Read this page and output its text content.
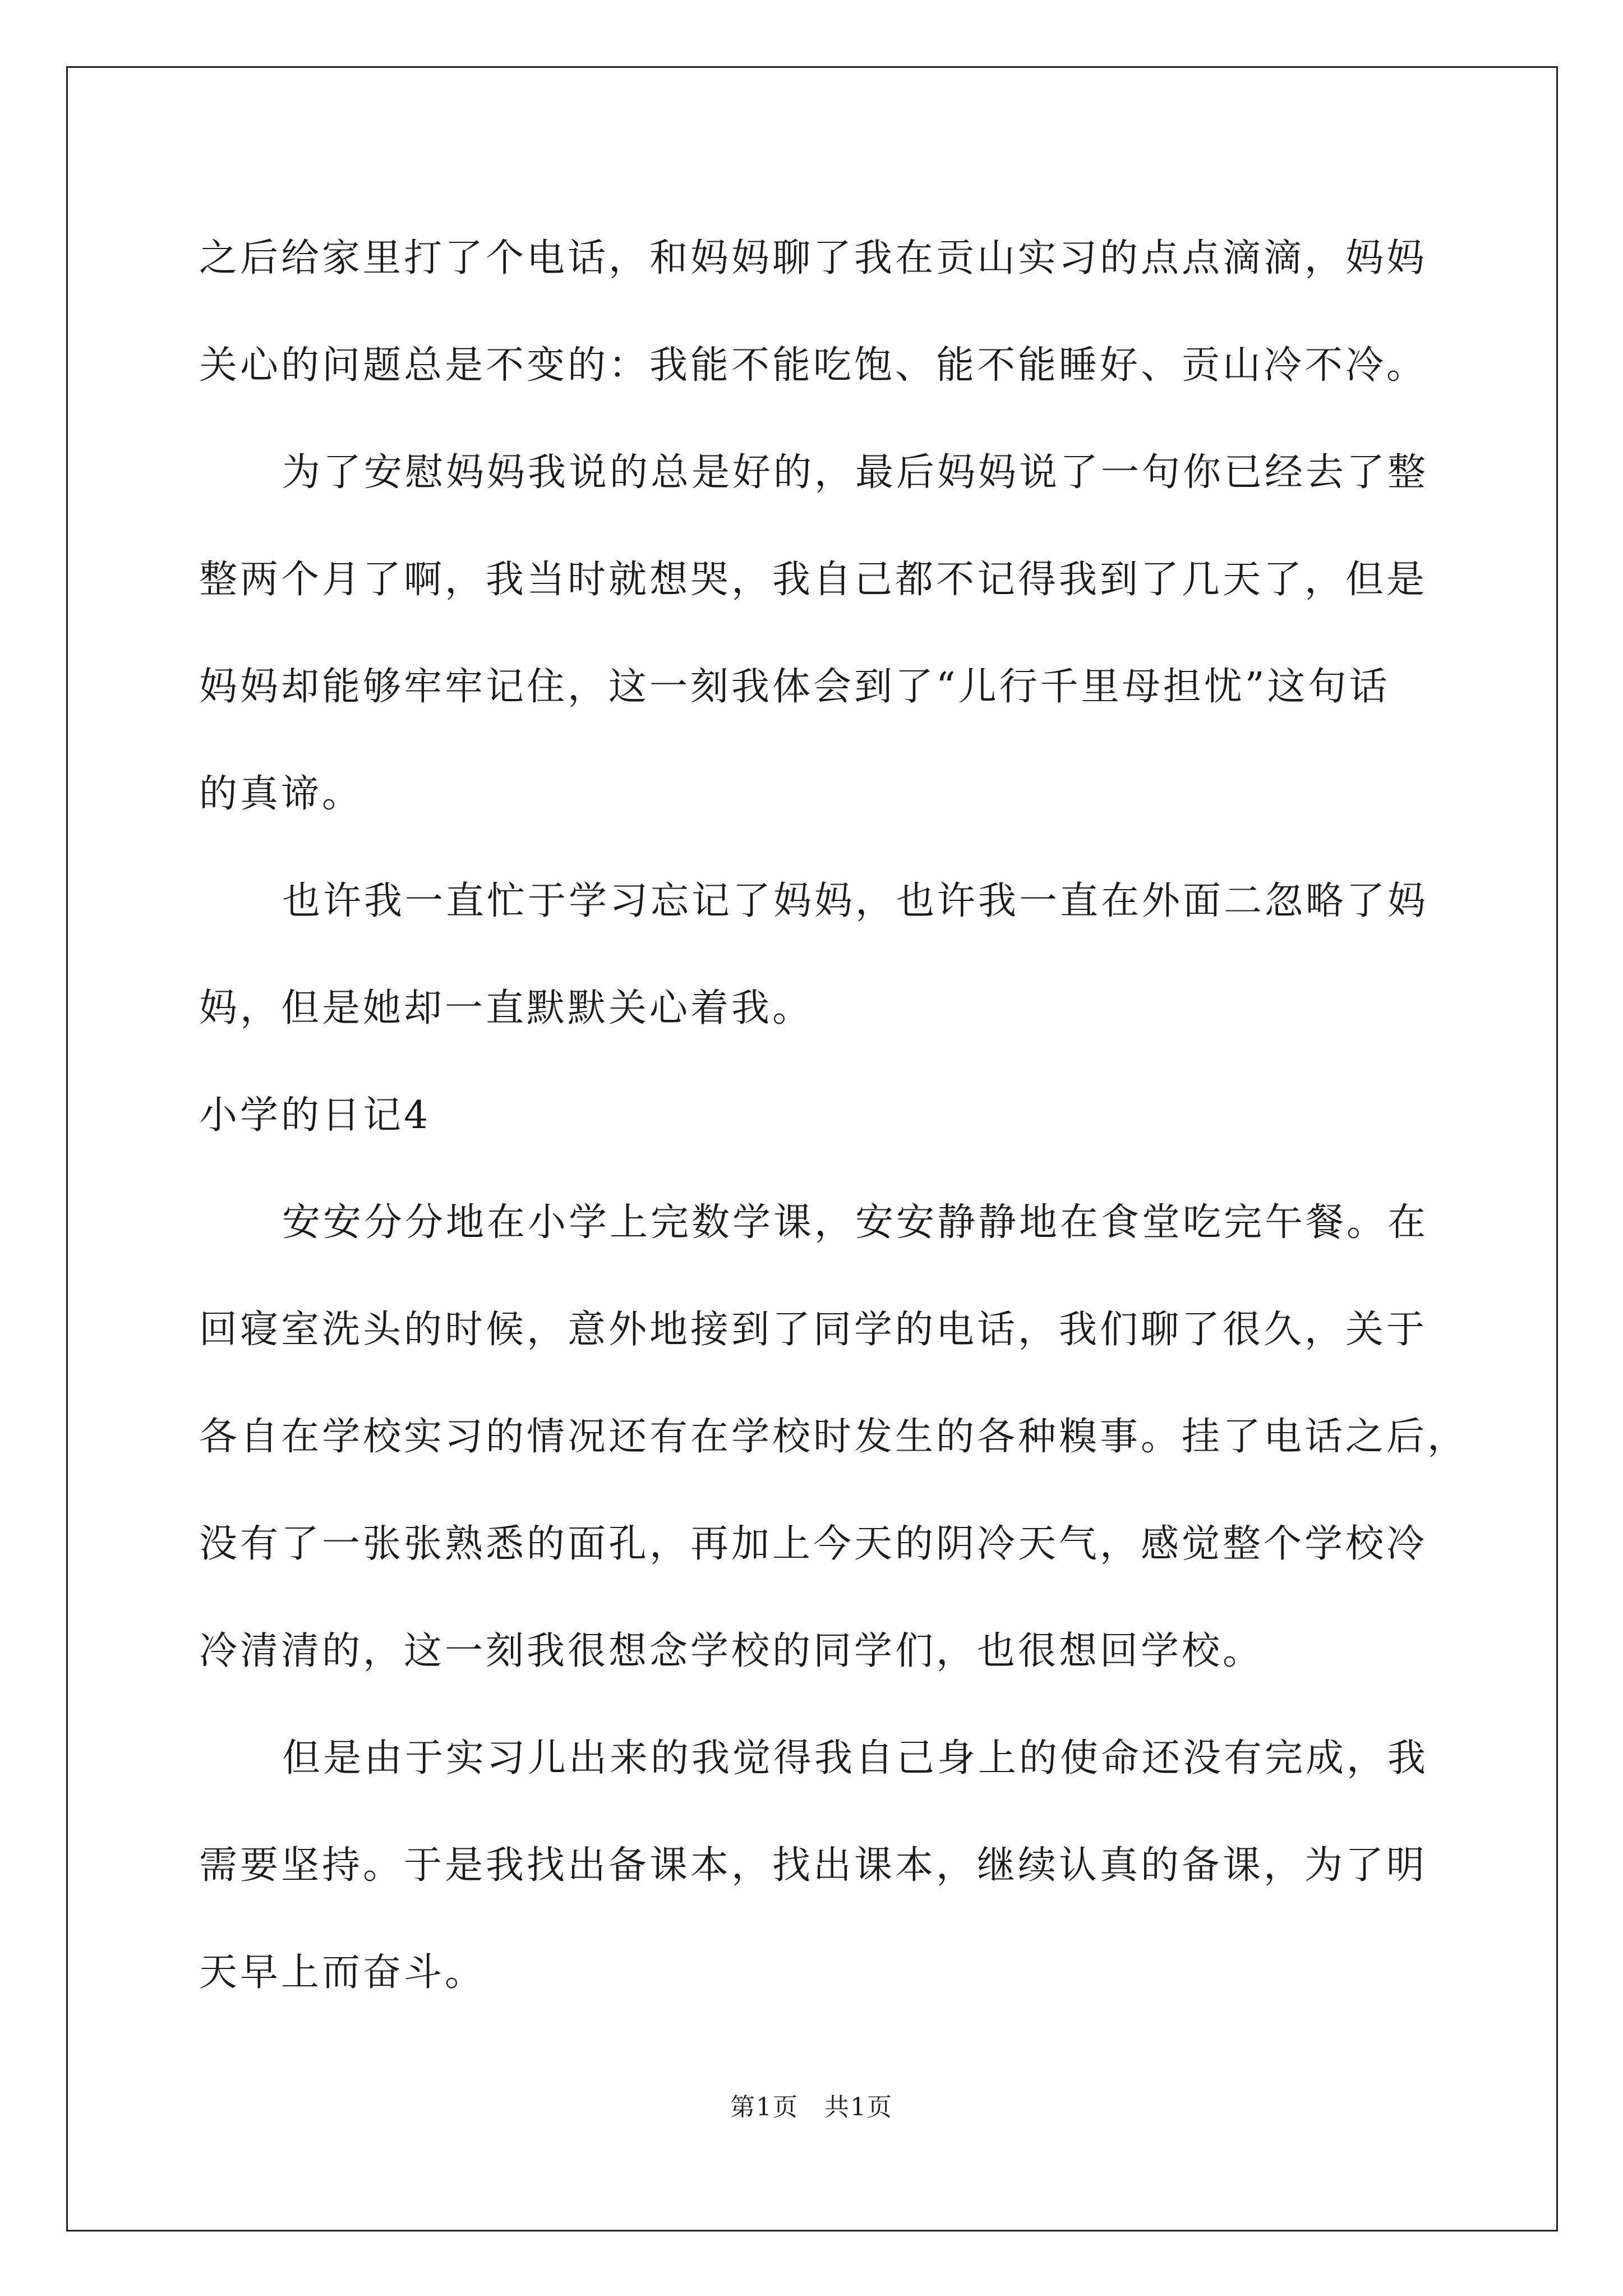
之后给家里打了个电话，和妈妈聊了我在贡山实习的点点滴滴，妈妈
关心的问题总是不变的：我能不能吃饱、能不能睡好、贡山冷不冷。
为了安慰妈妈我说的总是好的，最后妈妈说了一句你已经去了整
整两个月了啊，我当时就想哭，我自己都不记得我到了几天了，但是
妈妈却能够牢牢记住，这一刻我体会到了“儿行千里母担忧”这句话
的真谛。
也许我一直忙于学习忘记了妈妈，也许我一直在外面二忽略了妈
妈，但是她却一直默默关心着我。
小学的日记4
安安分分地在小学上完数学课，安安静静地在食堂吃完午餐。在
回寝室洗头的时候，意外地接到了同学的电话，我们聊了很久，关于
各自在学校实习的情况还有在学校时发生的各种糗事。挂了电话之后，
没有了一张张熟悉的面孔，再加上今天的阴冷天气，感觉整个学校冷
冷清清的，这一刻我很想念学校的同学们，也很想回学校。
但是由于实习儿出来的我觉得我自己身上的使命还没有完成，我
需要坚持。于是我找出备课本，找出课本，继续认真的备课，为了明
天早上而奋斗。
第1页　共1页
